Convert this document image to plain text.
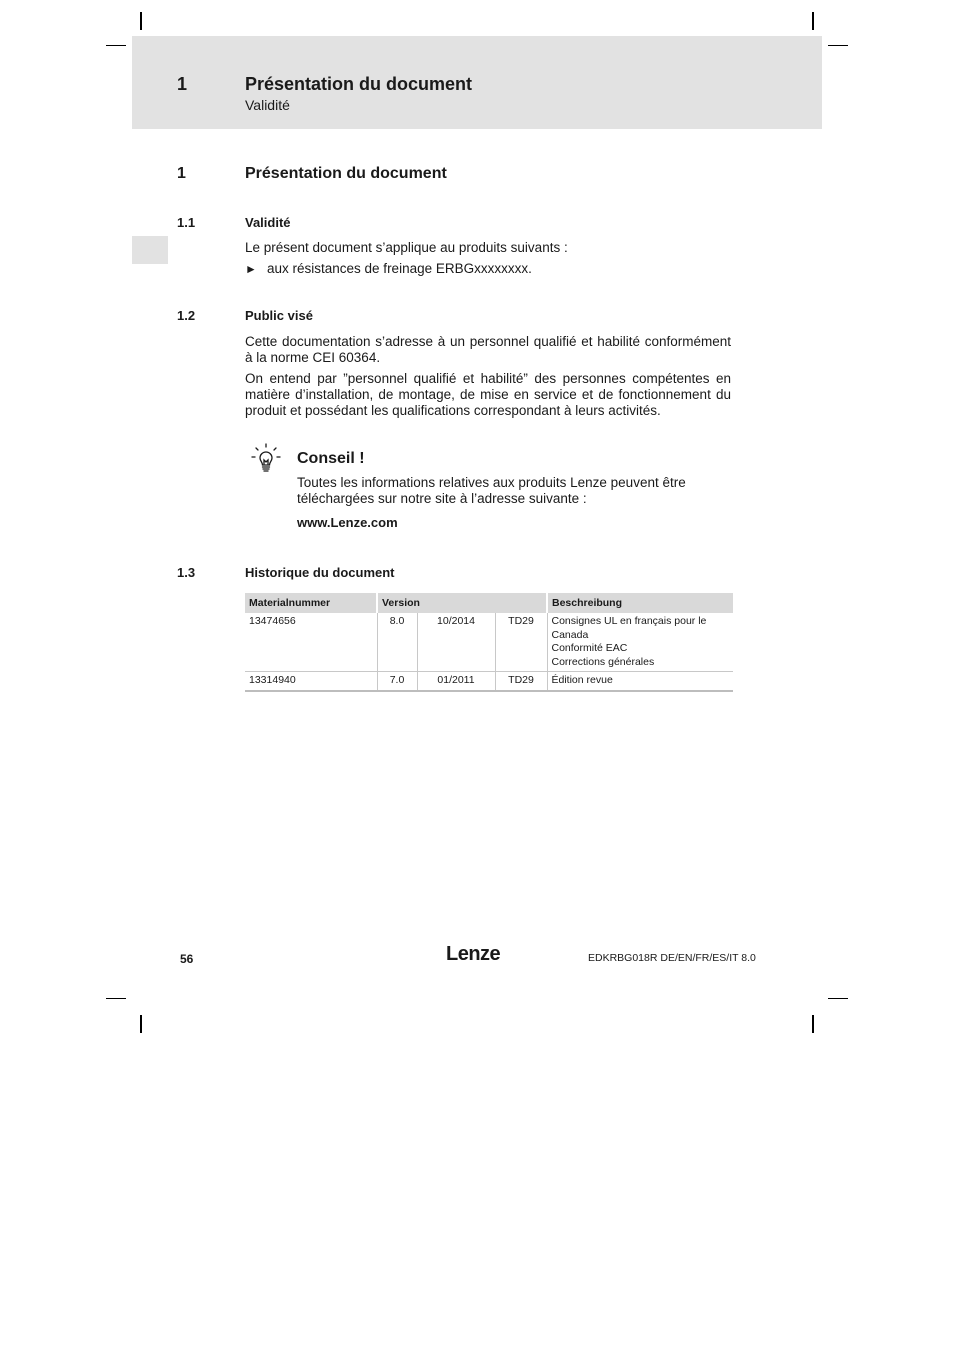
1	Présentation du document
Validité
1	Présentation du document
1.1	Validité
Le présent document s’applique au produits suivants :
► aux résistances de freinage ERBGxxxxxxxx.
1.2	Public visé
Cette documentation s’adresse à un personnel qualifié et habilité conformément à la norme CEI 60364.
On entend par ”personnel qualifié et habilité” des personnes compétentes en matière d’installation, de montage, de mise en service et de fonctionnement du produit et possédant les qualifications correspondant à leurs activités.
Conseil !
Toutes les informations relatives aux produits Lenze peuvent être téléchargées sur notre site à l’adresse suivante :
www.Lenze.com
1.3	Historique du document
Materialnummer	Version			Beschreibung
13474656	8.0	10/2014	TD29	Consignes UL en français pour le Canada
Conformité EAC
Corrections générales

13314940	7.0	01/2011	TD29	Édition revue
56	Lenze	EDKRBG018R DE/EN/FR/ES/IT 8.0
